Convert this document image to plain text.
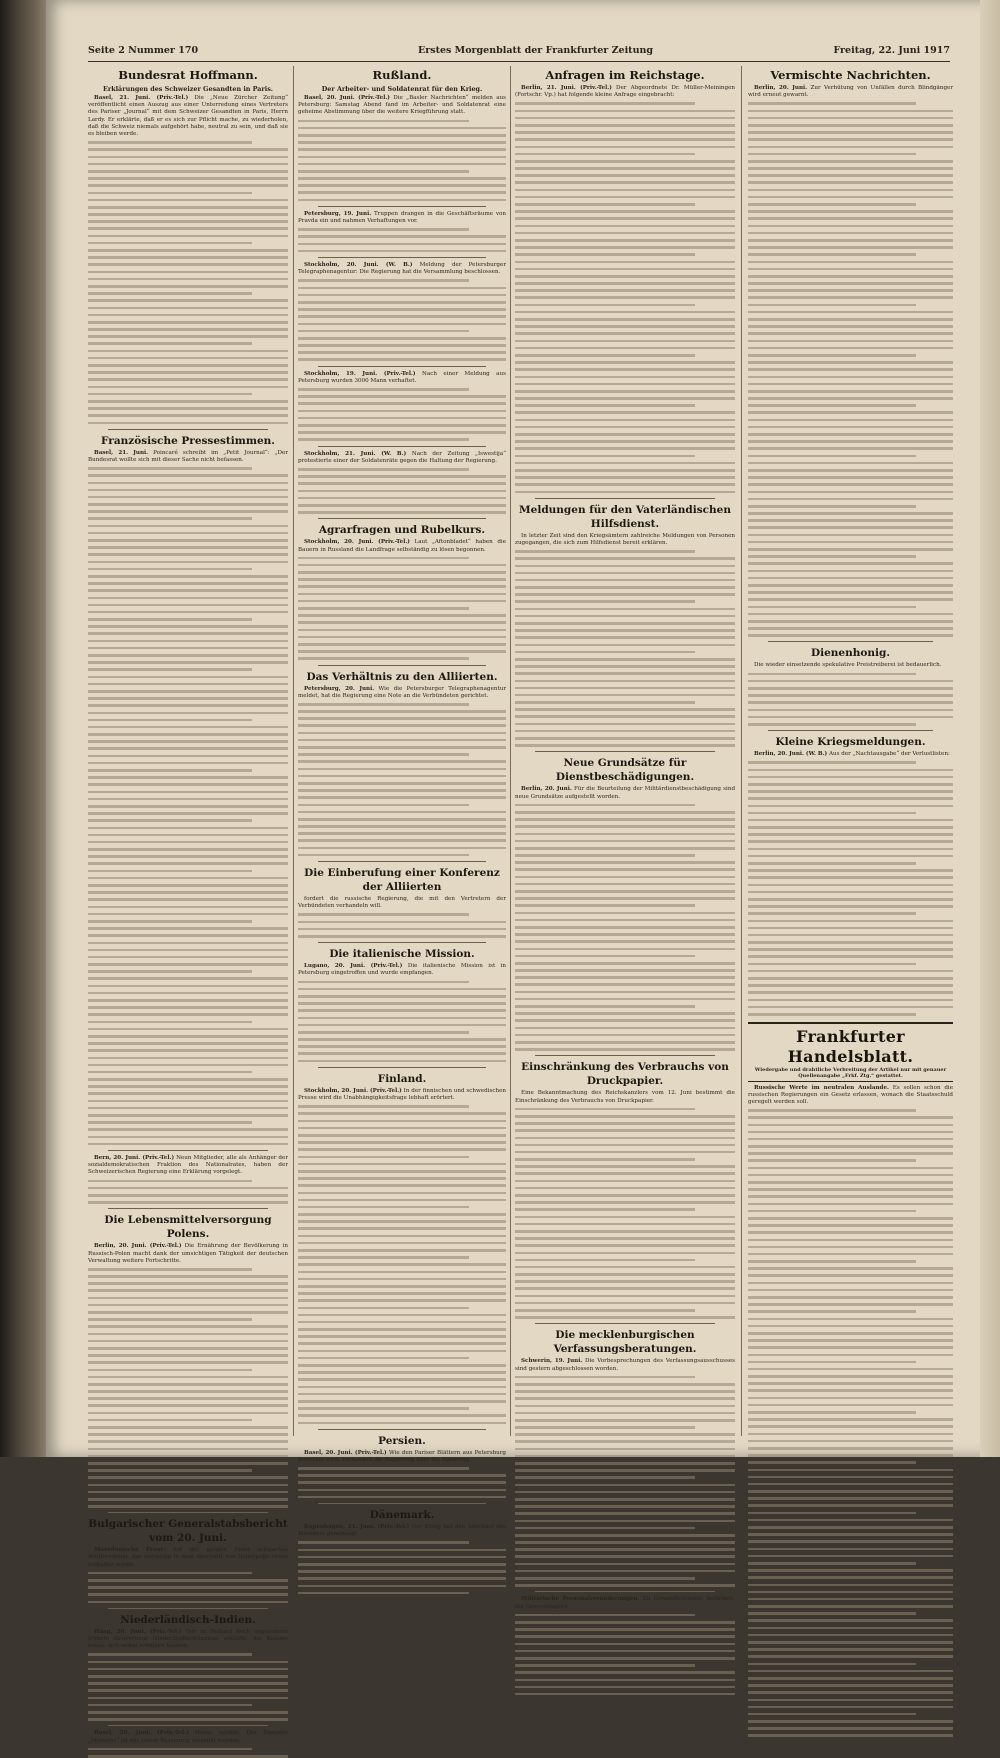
Seite 2 Nummer 170	Erstes Morgenblatt der Frankfurter Zeitung	Freitag, 22. Juni 1917
Bundesrat Hoffmann.
Erklärungen des Schweizer Gesandten in Paris.
Basel, 21. Juni. (Priv.-Tel.) Die „Neue Zürcher Zeitung“ veröffentlicht einen Auszug aus einer Unterredung eines Vertreters des Pariser „Journal“ mit dem Schweizer Gesandten in Paris, Herrn Lardy. Er erklärte, daß er es sich zur Pflicht mache, zu wiederholen, daß die Schweiz niemals aufgehört habe, neutral zu sein, und daß sie es bleiben werde.
Französische Pressestimmen.
Basel, 21. Juni. Poincaré schreibt im „Petit Journal“: „Der Bundesrat wollte sich mit dieser Sache nicht befassen.
Bern, 20. Juni. (Priv.-Tel.) Neun Mitglieder, alle als Anhänger der sozialdemokratischen Fraktion des Nationalrates, haben der Schweizerischen Regierung eine Erklärung vorgelegt.
Die Lebensmittelversorgung Polens.
Berlin, 20. Juni. (Priv.-Tel.) Die Ernährung der Bevölkerung in Russisch-Polen macht dank der umsichtigen Tätigkeit der deutschen Verwaltung weitere Fortschritte.
Bulgarischer Generalstabsbericht vom 20. Juni.
Mazedonische Front: Auf der ganzen Front schwaches Artilleriefeuer, das zeitweilig in dem Abschnitt von Doberpolje etwas lebhafter wurde.
Niederländisch-Indien.
Haag, 20. Juni. (Priv.-Tel.) Der in Holland hoch angesehene frühere Gouverneur Niederländisch-Indiens erklärte, die Kolonie müsse sich selbst schützen können.
Basel, 20. Juni. (Priv.-Tel.) Havas meldet: Der Dampfer „Myosotis“ ist mit seiner Besatzung versenkt worden.
Rußland.
Der Arbeiter- und Soldatenrat für den Krieg.
Basel, 20. Juni. (Priv.-Tel.) Die „Basler Nachrichten“ melden aus Petersburg: Samstag Abend fand im Arbeiter- und Soldatenrat eine geheime Abstimmung über die weitere Kriegführung statt.
Petersburg, 19. Juni. Truppen drangen in die Geschäftsräume von Pravda ein und nahmen Verhaftungen vor.
Stockholm, 20. Juni. (W. B.) Meldung der Petersburger Telegraphenagentur: Die Regierung hat die Versammlung beschlossen.
Stockholm, 19. Juni. (Priv.-Tel.) Nach einer Meldung aus Petersburg wurden 3000 Mann verhaftet.
Stockholm, 21. Juni. (W. B.) Nach der Zeitung „Iswestija“ protestierte einer der Soldatenräte gegen die Haltung der Regierung.
Agrarfragen und Rubelkurs.
Stockholm, 20. Juni. (Priv.-Tel.) Laut „Aftonbladet“ haben die Bauern in Russland die Landfrage selbständig zu lösen begonnen.
Das Verhältnis zu den Alliierten.
Petersburg, 20. Juni. Wie die Petersburger Telegraphenagentur meldet, hat die Regierung eine Note an die Verbündeten gerichtet.
Die Einberufung einer Konferenz der Alliierten
fordert die russische Regierung, die mit den Vertretern der Verbündeten verhandeln will.
Die italienische Mission.
Lugano, 20. Juni. (Priv.-Tel.) Die italienische Mission ist in Petersburg eingetroffen und wurde empfangen.
Finland.
Stockholm, 20. Juni. (Priv.-Tel.) In der finnischen und schwedischen Presse wird die Unabhängigkeitsfrage lebhaft erörtert.
Persien.
Basel, 20. Juni. (Priv.-Tel.) Wie den Pariser Blättern aus Petersburg berichtet wird, verhandelt die Regierung über die Räumung.
Dänemark.
Kopenhagen, 21. Juni. (Priv.-Tel.) Der König hat den Abschied des Ministers genehmigt.
Anfragen im Reichstage.
Berlin, 21. Juni. (Priv.-Tel.) Der Abgeordnete Dr. Müller-Meiningen (Fortschr. Vp.) hat folgende kleine Anfrage eingebracht:
Meldungen für den Vaterländischen Hilfsdienst.
In letzter Zeit sind den Kriegsämtern zahlreiche Meldungen von Personen zugegangen, die sich zum Hilfsdienst bereit erklären.
Neue Grundsätze für Dienstbeschädigungen.
Berlin, 20. Juni. Für die Beurteilung der Militärdienstbeschädigung sind neue Grundsätze aufgestellt worden.
Einschränkung des Verbrauchs von Druckpapier.
Eine Bekanntmachung des Reichskanzlers vom 12. Juni bestimmt die Einschränkung des Verbrauchs von Druckpapier.
Die mecklenburgischen Verfassungsberatungen.
Schwerin, 19. Juni. Die Vorbesprechungen des Verfassungsausschusses sind gestern abgeschlossen worden.
Militärische Personalveränderungen. Zu Generalleutnants befördert: die Generalmajore.
Vermischte Nachrichten.
Berlin, 20. Juni. Zur Verhütung von Unfällen durch Blindgänger wird erneut gewarnt.
Dienenhonig.
Die wieder einsetzende spekulative Preistreiberei ist bedauerlich.
Kleine Kriegsmeldungen.
Berlin, 20. Juni. (W. B.) Aus der „Nachtausgabe“ der Verlustlisten:
Frankfurter Handelsblatt.
Wiedergabe und drahtliche Verbreitung der Artikel nur mit genauer Quellenangabe „Frkf. Ztg.“ gestattet.
Russische Werte im neutralen Auslande. Es sollen schon die russischen Regierungen ein Gesetz erlassen, wonach die Staatsschuld geregelt werden soll.
